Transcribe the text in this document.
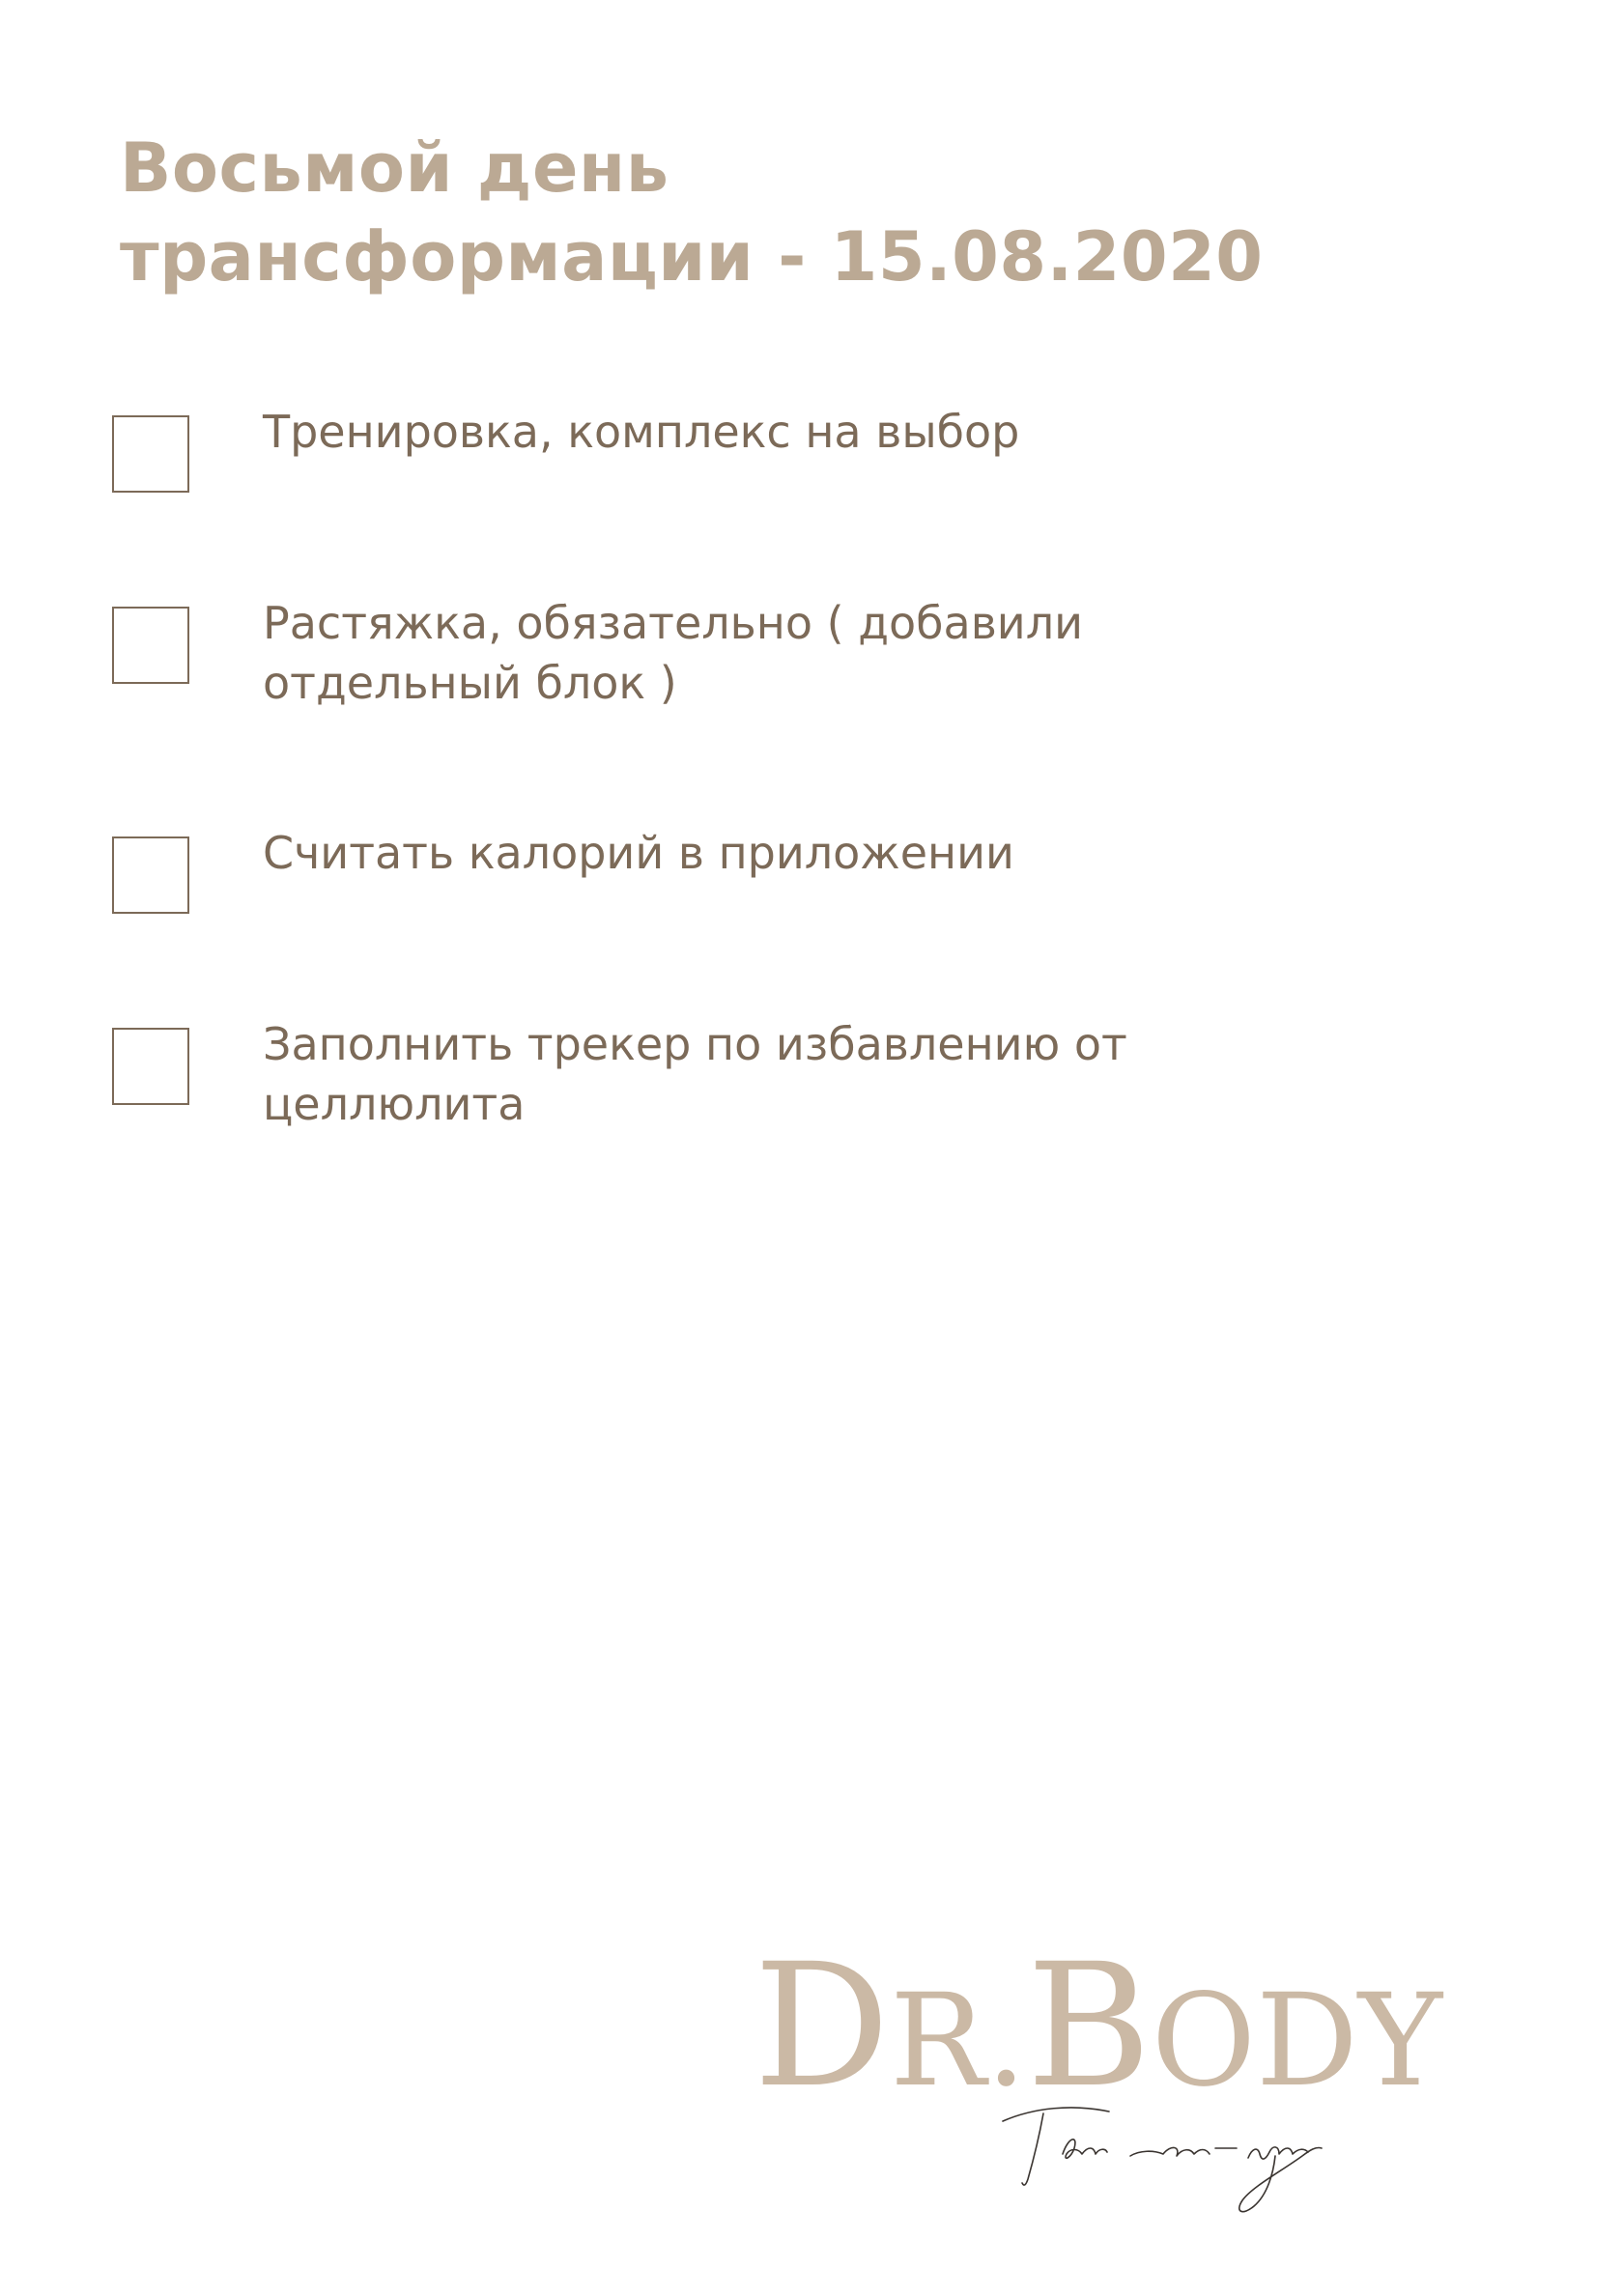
Восьмой день
трансформации - 15.08.2020
Тренировка, комплекс на выбор
Растяжка, обязательно ( добавили
отдельный блок )
Считать калорий в приложении
Заполнить трекер по избавлению от
целлюлита
DR.BODY
